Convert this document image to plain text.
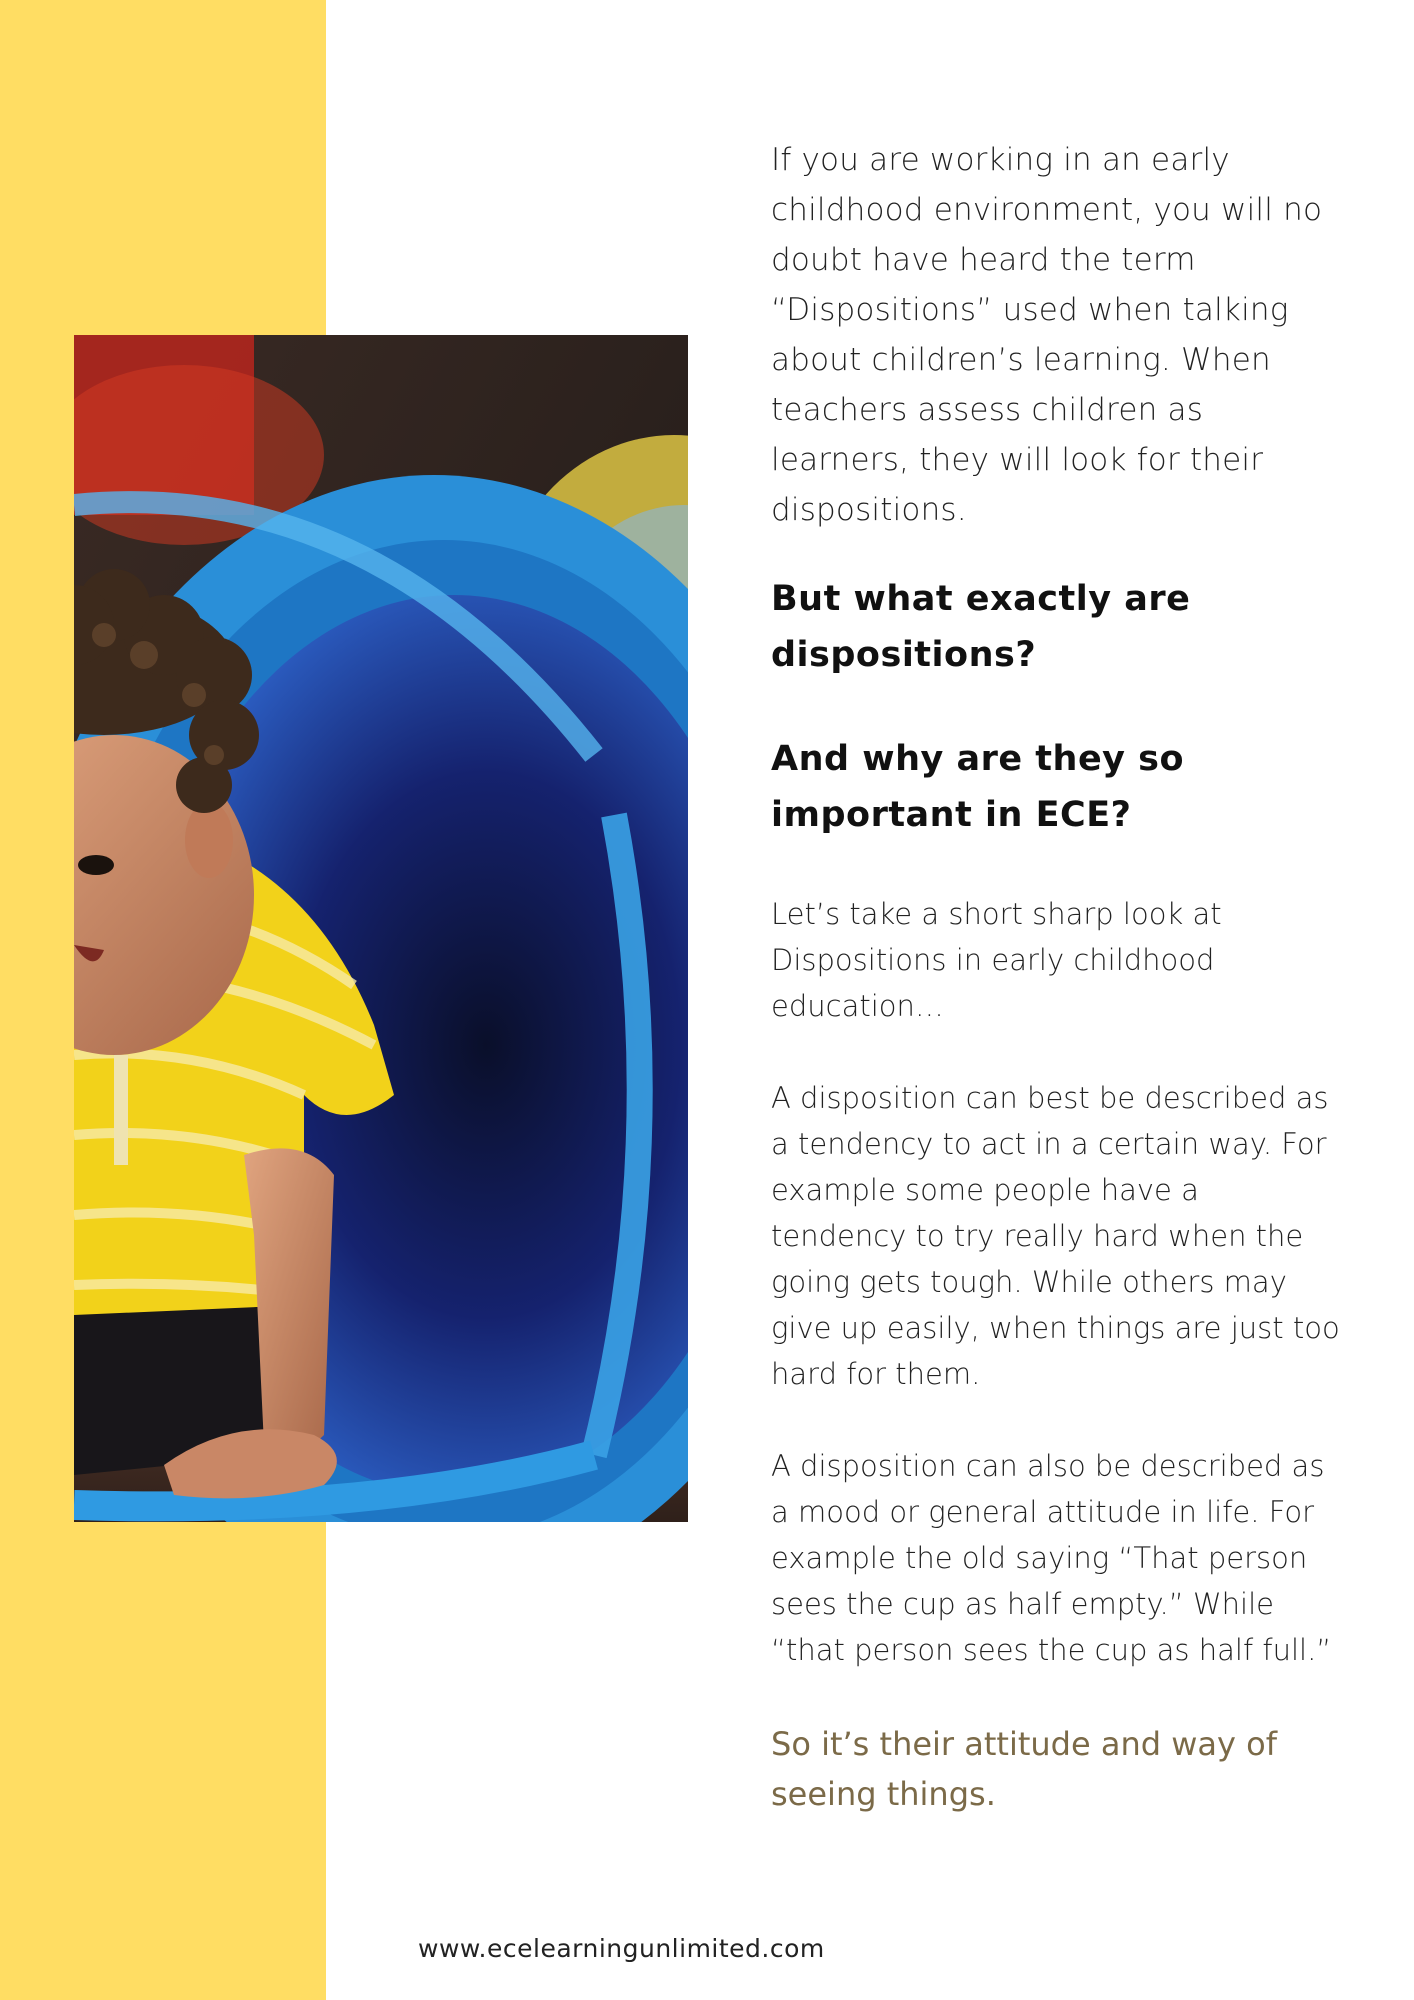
If you are working in an early childhood environment, you will no doubt have heard the term “Dispositions” used when talking about children’s learning. When teachers assess children as learners, they will look for their dispositions.

But what exactly are dispositions?
And why are they so important in ECE?

Let’s take a short sharp look at Dispositions in early childhood education…

A disposition can best be described as a tendency to act in a certain way. For example some people have a tendency to try really hard when the going gets tough. While others may give up easily, when things are just too hard for them.

A disposition can also be described as a mood or general attitude in life. For example the old saying “That person sees the cup as half empty.” While “that person sees the cup as half full.”

So it’s their attitude and way of seeing things.

www.ecelearningunlimited.com
